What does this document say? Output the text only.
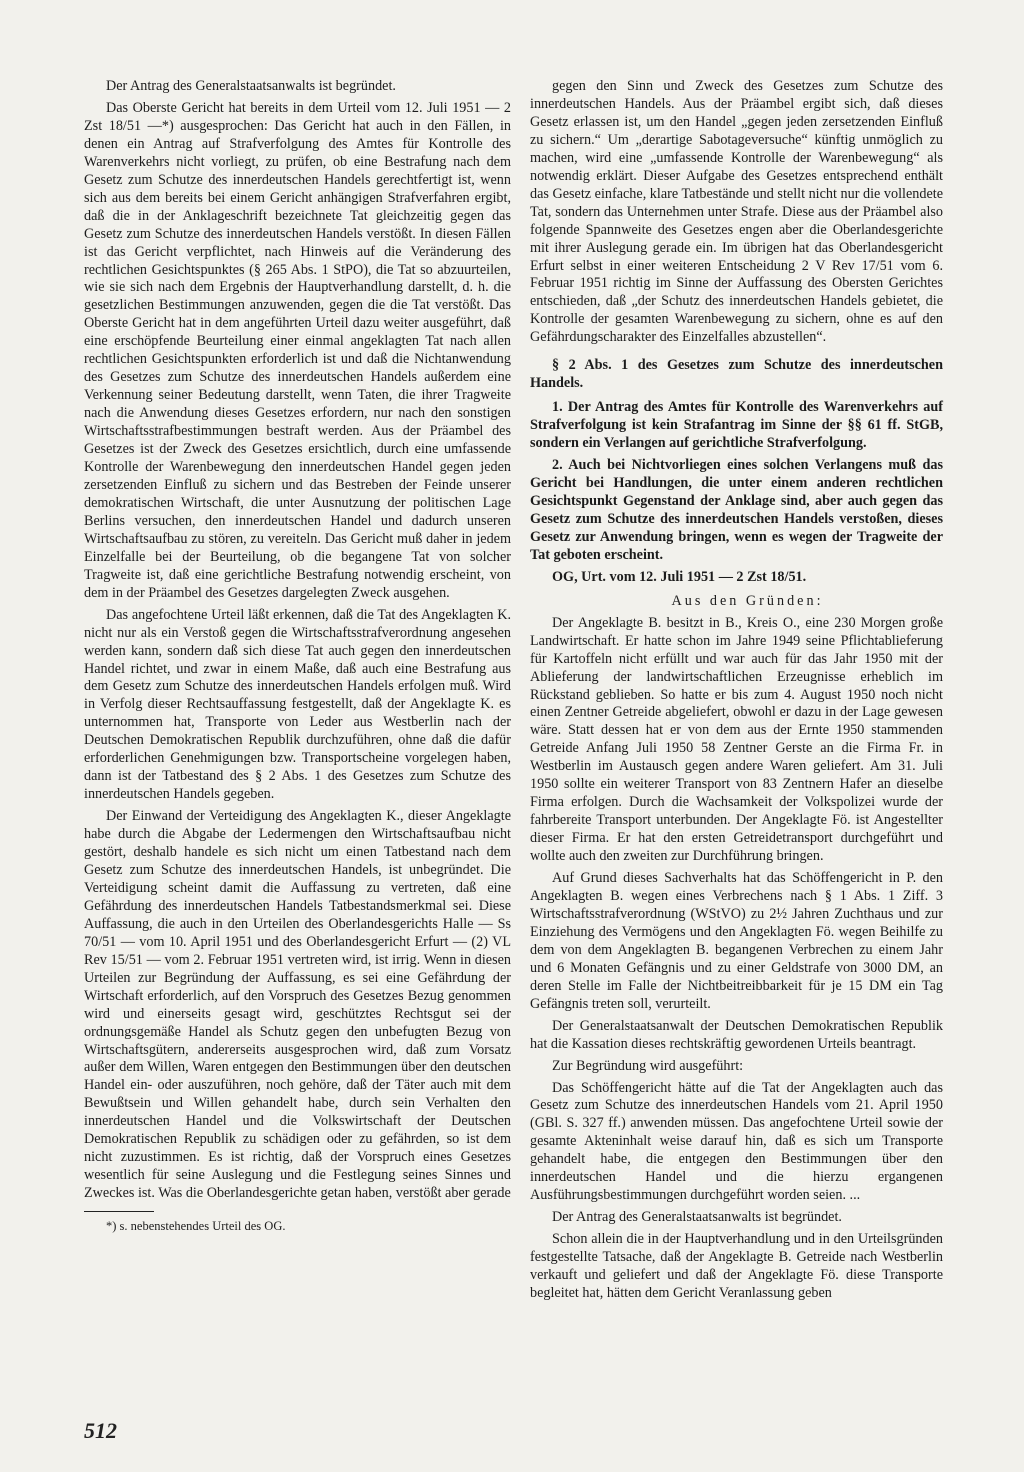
Der Antrag des Generalstaatsanwalts ist begründet.

Das Oberste Gericht hat bereits in dem Urteil vom 12. Juli 1951 — 2 Zst 18/51 —*) ausgesprochen: Das Gericht hat auch in den Fällen, in denen ein Antrag auf Strafverfolgung des Amtes für Kontrolle des Warenverkehrs nicht vorliegt, zu prüfen, ob eine Bestrafung nach dem Gesetz zum Schutze des innerdeutschen Handels gerechtfertigt ist, wenn sich aus dem bereits bei einem Gericht anhängigen Strafverfahren ergibt, daß die in der Anklageschrift bezeichnete Tat gleichzeitig gegen das Gesetz zum Schutze des innerdeutschen Handels verstößt. In diesen Fällen ist das Gericht verpflichtet, nach Hinweis auf die Veränderung des rechtlichen Gesichtspunktes (§ 265 Abs. 1 StPO), die Tat so abzuurteilen, wie sie sich nach dem Ergebnis der Hauptverhandlung darstellt, d. h. die gesetzlichen Bestimmungen anzuwenden, gegen die die Tat verstößt. Das Oberste Gericht hat in dem angeführten Urteil dazu weiter ausgeführt, daß eine erschöpfende Beurteilung einer einmal angeklagten Tat nach allen rechtlichen Gesichtspunkten erforderlich ist und daß die Nichtanwendung des Gesetzes zum Schutze des innerdeutschen Handels außerdem eine Verkennung seiner Bedeutung darstellt, wenn Taten, die ihrer Tragweite nach die Anwendung dieses Gesetzes erfordern, nur nach den sonstigen Wirtschaftsstrafbestimmungen bestraft werden. Aus der Präambel des Gesetzes ist der Zweck des Gesetzes ersichtlich, durch eine umfassende Kontrolle der Warenbewegung den innerdeutschen Handel gegen jeden zersetzenden Einfluß zu sichern und das Bestreben der Feinde unserer demokratischen Wirtschaft, die unter Ausnutzung der politischen Lage Berlins versuchen, den innerdeutschen Handel und dadurch unseren Wirtschaftsaufbau zu stören, zu vereiteln. Das Gericht muß daher in jedem Einzelfalle bei der Beurteilung, ob die begangene Tat von solcher Tragweite ist, daß eine gerichtliche Bestrafung notwendig erscheint, von dem in der Präambel des Gesetzes dargelegten Zweck ausgehen.

Das angefochtene Urteil läßt erkennen, daß die Tat des Angeklagten K. nicht nur als ein Verstoß gegen die Wirtschaftsstrafverordnung angesehen werden kann, sondern daß sich diese Tat auch gegen den innerdeutschen Handel richtet, und zwar in einem Maße, daß auch eine Bestrafung aus dem Gesetz zum Schutze des innerdeutschen Handels erfolgen muß. Wird in Verfolg dieser Rechtsauffassung festgestellt, daß der Angeklagte K. es unternommen hat, Transporte von Leder aus Westberlin nach der Deutschen Demokratischen Republik durchzuführen, ohne daß die dafür erforderlichen Genehmigungen bzw. Transportscheine vorgelegen haben, dann ist der Tatbestand des § 2 Abs. 1 des Gesetzes zum Schutze des innerdeutschen Handels gegeben.

Der Einwand der Verteidigung des Angeklagten K., dieser Angeklagte habe durch die Abgabe der Ledermengen den Wirtschaftsaufbau nicht gestört, deshalb handele es sich nicht um einen Tatbestand nach dem Gesetz zum Schutze des innerdeutschen Handels, ist unbegründet. Die Verteidigung scheint damit die Auffassung zu vertreten, daß eine Gefährdung des innerdeutschen Handels Tatbestandsmerkmal sei. Diese Auffassung, die auch in den Urteilen des Oberlandesgerichts Halle — Ss 70/51 — vom 10. April 1951 und des Oberlandesgericht Erfurt — (2) VL Rev 15/51 — vom 2. Februar 1951 vertreten wird, ist irrig. Wenn in diesen Urteilen zur Begründung der Auffassung, es sei eine Gefährdung der Wirtschaft erforderlich, auf den Vorspruch des Gesetzes Bezug genommen wird und einerseits gesagt wird, geschütztes Rechtsgut sei der ordnungsgemäße Handel als Schutz gegen den unbefugten Bezug von Wirtschaftsgütern, andererseits ausgesprochen wird, daß zum Vorsatz außer dem Willen, Waren entgegen den Bestimmungen über den deutschen Handel ein- oder auszuführen, noch gehöre, daß der Täter auch mit dem Bewußtsein und Willen gehandelt habe, durch sein Verhalten den innerdeutschen Handel und die Volkswirtschaft der Deutschen Demokratischen Republik zu schädigen oder zu gefährden, so ist dem nicht zuzustimmen. Es ist richtig, daß der Vorspruch eines Gesetzes wesentlich für seine Auslegung und die Festlegung seines Sinnes und Zweckes ist. Was die Oberlandesgerichte getan haben, verstößt aber gerade

*) s. nebenstehendes Urteil des OG.

gegen den Sinn und Zweck des Gesetzes zum Schutze des innerdeutschen Handels. Aus der Präambel ergibt sich, daß dieses Gesetz erlassen ist, um den Handel „gegen jeden zersetzenden Einfluß zu sichern.“ Um „derartige Sabotageversuche“ künftig unmöglich zu machen, wird eine „umfassende Kontrolle der Warenbewegung“ als notwendig erklärt. Dieser Aufgabe des Gesetzes entsprechend enthält das Gesetz einfache, klare Tatbestände und stellt nicht nur die vollendete Tat, sondern das Unternehmen unter Strafe. Diese aus der Präambel also folgende Spannweite des Gesetzes engen aber die Oberlandesgerichte mit ihrer Auslegung gerade ein. Im übrigen hat das Oberlandesgericht Erfurt selbst in einer weiteren Entscheidung 2 V Rev 17/51 vom 6. Februar 1951 richtig im Sinne der Auffassung des Obersten Gerichtes entschieden, daß „der Schutz des innerdeutschen Handels gebietet, die Kontrolle der gesamten Warenbewegung zu sichern, ohne es auf den Gefährdungscharakter des Einzelfalles abzustellen“.

§ 2 Abs. 1 des Gesetzes zum Schutze des innerdeutschen Handels.

1. Der Antrag des Amtes für Kontrolle des Warenverkehrs auf Strafverfolgung ist kein Strafantrag im Sinne der §§ 61 ff. StGB, sondern ein Verlangen auf gerichtliche Strafverfolgung.

2. Auch bei Nichtvorliegen eines solchen Verlangens muß das Gericht bei Handlungen, die unter einem anderen rechtlichen Gesichtspunkt Gegenstand der Anklage sind, aber auch gegen das Gesetz zum Schutze des innerdeutschen Handels verstoßen, dieses Gesetz zur Anwendung bringen, wenn es wegen der Tragweite der Tat geboten erscheint.

OG, Urt. vom 12. Juli 1951 — 2 Zst 18/51.

Aus den Gründen:

Der Angeklagte B. besitzt in B., Kreis O., eine 230 Morgen große Landwirtschaft. Er hatte schon im Jahre 1949 seine Pflichtablieferung für Kartoffeln nicht erfüllt und war auch für das Jahr 1950 mit der Ablieferung der landwirtschaftlichen Erzeugnisse erheblich im Rückstand geblieben. So hatte er bis zum 4. August 1950 noch nicht einen Zentner Getreide abgeliefert, obwohl er dazu in der Lage gewesen wäre. Statt dessen hat er von dem aus der Ernte 1950 stammenden Getreide Anfang Juli 1950 58 Zentner Gerste an die Firma Fr. in Westberlin im Austausch gegen andere Waren geliefert. Am 31. Juli 1950 sollte ein weiterer Transport von 83 Zentnern Hafer an dieselbe Firma erfolgen. Durch die Wachsamkeit der Volkspolizei wurde der fahrbereite Transport unterbunden. Der Angeklagte Fö. ist Angestellter dieser Firma. Er hat den ersten Getreidetransport durchgeführt und wollte auch den zweiten zur Durchführung bringen.

Auf Grund dieses Sachverhalts hat das Schöffengericht in P. den Angeklagten B. wegen eines Verbrechens nach § 1 Abs. 1 Ziff. 3 Wirtschaftsstrafverordnung (WStVO) zu 2½ Jahren Zuchthaus und zur Einziehung des Vermögens und den Angeklagten Fö. wegen Beihilfe zu dem von dem Angeklagten B. begangenen Verbrechen zu einem Jahr und 6 Monaten Gefängnis und zu einer Geldstrafe von 3000 DM, an deren Stelle im Falle der Nichtbeitreibbarkeit für je 15 DM ein Tag Gefängnis treten soll, verurteilt.

Der Generalstaatsanwalt der Deutschen Demokratischen Republik hat die Kassation dieses rechtskräftig gewordenen Urteils beantragt.

Zur Begründung wird ausgeführt:

Das Schöffengericht hätte auf die Tat der Angeklagten auch das Gesetz zum Schutze des innerdeutschen Handels vom 21. April 1950 (GBl. S. 327 ff.) anwenden müssen. Das angefochtene Urteil sowie der gesamte Akteninhalt weise darauf hin, daß es sich um Transporte gehandelt habe, die entgegen den Bestimmungen über den innerdeutschen Handel und die hierzu ergangenen Ausführungsbestimmungen durchgeführt worden seien. ...

Der Antrag des Generalstaatsanwalts ist begründet.

Schon allein die in der Hauptverhandlung und in den Urteilsgründen festgestellte Tatsache, daß der Angeklagte B. Getreide nach Westberlin verkauft und geliefert und daß der Angeklagte Fö. diese Transporte begleitet hat, hätten dem Gericht Veranlassung geben

512
